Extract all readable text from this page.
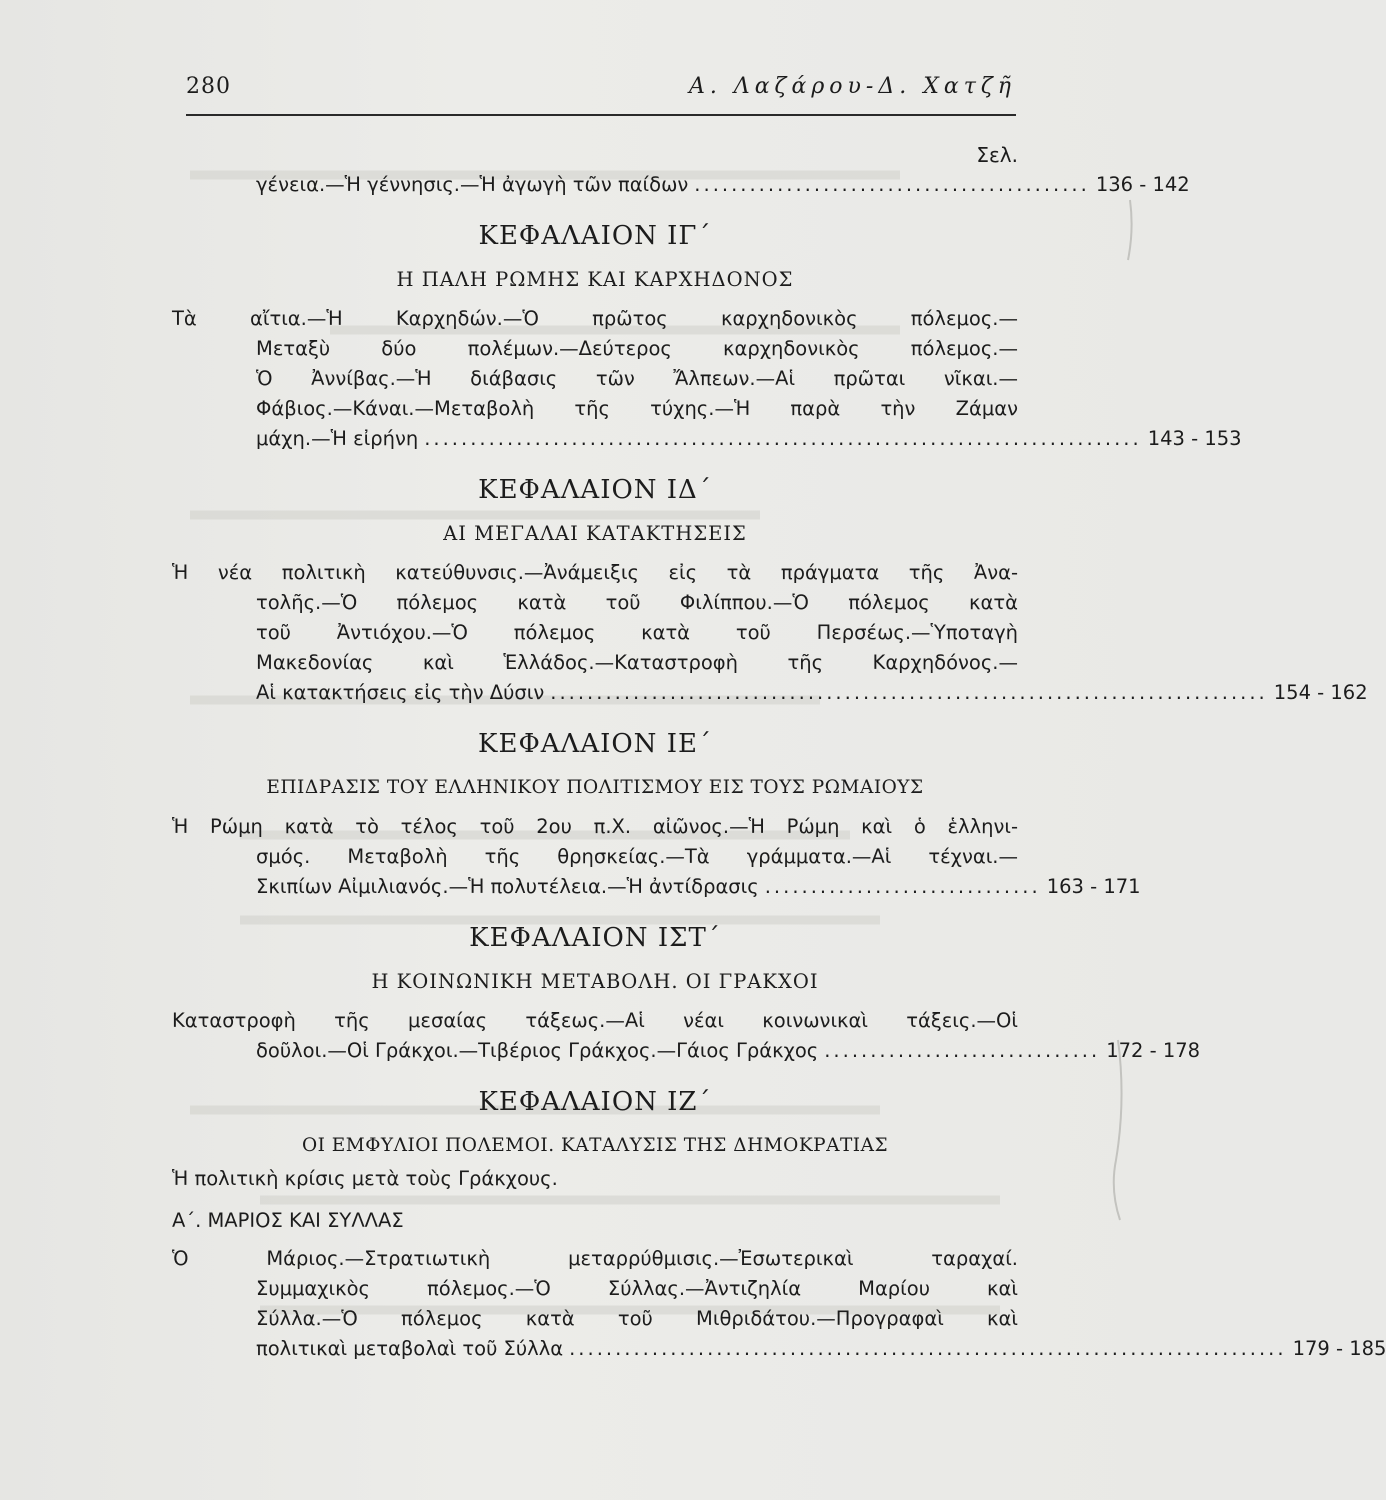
280	Α. Λαζάρου-Δ. Χατζῆ
Σελ.
γένεια.—Ἡ γέννησις.—Ἡ ἀγωγὴ τῶν παίδων ........................................... 136 - 142
ΚΕΦΑΛΑΙΟΝ ΙΓ΄
Η ΠΑΛΗ ΡΩΜΗΣ ΚΑΙ ΚΑΡΧΗΔΟΝΟΣ
Τὰ αἴτια.—Ἡ Καρχηδών.—Ὁ πρῶτος καρχηδονικὸς πόλεμος.—
Μεταξὺ δύο πολέμων.—Δεύτερος καρχηδονικὸς πόλεμος.—
Ὁ Ἀννίβας.—Ἡ διάβασις τῶν Ἄλπεων.—Αἱ πρῶται νῖκαι.—
Φάβιος.—Κάναι.—Μεταβολὴ τῆς τύχης.—Ἡ παρὰ τὴν Ζάμαν
μάχη.—Ἡ εἰρήνη .............................................................................. 143 - 153
ΚΕΦΑΛΑΙΟΝ ΙΔ΄
ΑΙ ΜΕΓΑΛΑΙ ΚΑΤΑΚΤΗΣΕΙΣ
Ἡ νέα πολιτικὴ κατεύθυνσις.—Ἀνάμειξις εἰς τὰ πράγματα τῆς Ἀνα-
τολῆς.—Ὁ πόλεμος κατὰ τοῦ Φιλίππου.—Ὁ πόλεμος κατὰ
τοῦ Ἀντιόχου.—Ὁ πόλεμος κατὰ τοῦ Περσέως.—Ὑποταγὴ
Μακεδονίας καὶ Ἑλλάδος.—Καταστροφὴ τῆς Καρχηδόνος.—
Αἱ κατακτήσεις εἰς τὴν Δύσιν .............................................................................. 154 - 162
ΚΕΦΑΛΑΙΟΝ ΙΕ΄
ΕΠΙΔΡΑΣΙΣ ΤΟΥ ΕΛΛΗΝΙΚΟΥ ΠΟΛΙΤΙΣΜΟΥ ΕΙΣ ΤΟΥΣ ΡΩΜΑΙΟΥΣ
Ἡ Ρώμη κατὰ τὸ τέλος τοῦ 2ου π.Χ. αἰῶνος.—Ἡ Ρώμη καὶ ὁ ἑλληνι-
σμός. Μεταβολὴ τῆς θρησκείας.—Τὰ γράμματα.—Αἱ τέχναι.—
Σκιπίων Αἰμιλιανός.—Ἡ πολυτέλεια.—Ἡ ἀντίδρασις .............................. 163 - 171
ΚΕΦΑΛΑΙΟΝ ΙΣΤ΄
Η ΚΟΙΝΩΝΙΚΗ ΜΕΤΑΒΟΛΗ. ΟΙ ΓΡΑΚΧΟΙ
Καταστροφὴ τῆς μεσαίας τάξεως.—Αἱ νέαι κοινωνικαὶ τάξεις.—Οἱ
δοῦλοι.—Οἱ Γράκχοι.—Τιβέριος Γράκχος.—Γάιος Γράκχος .............................. 172 - 178
ΚΕΦΑΛΑΙΟΝ ΙΖ΄
ΟΙ ΕΜΦΥΛΙΟΙ ΠΟΛΕΜΟΙ. ΚΑΤΑΛΥΣΙΣ ΤΗΣ ΔΗΜΟΚΡΑΤΙΑΣ
Ἡ πολιτικὴ κρίσις μετὰ τοὺς Γράκχους.
Α΄. ΜΑΡΙΟΣ ΚΑΙ ΣΥΛΛΑΣ
Ὁ Μάριος.—Στρατιωτικὴ μεταρρύθμισις.—Ἐσωτερικαὶ ταραχαί.
Συμμαχικὸς πόλεμος.—Ὁ Σύλλας.—Ἀντιζηλία Μαρίου καὶ
Σύλλα.—Ὁ πόλεμος κατὰ τοῦ Μιθριδάτου.—Προγραφαὶ καὶ
πολιτικαὶ μεταβολαὶ τοῦ Σύλλα .............................................................................. 179 - 185
